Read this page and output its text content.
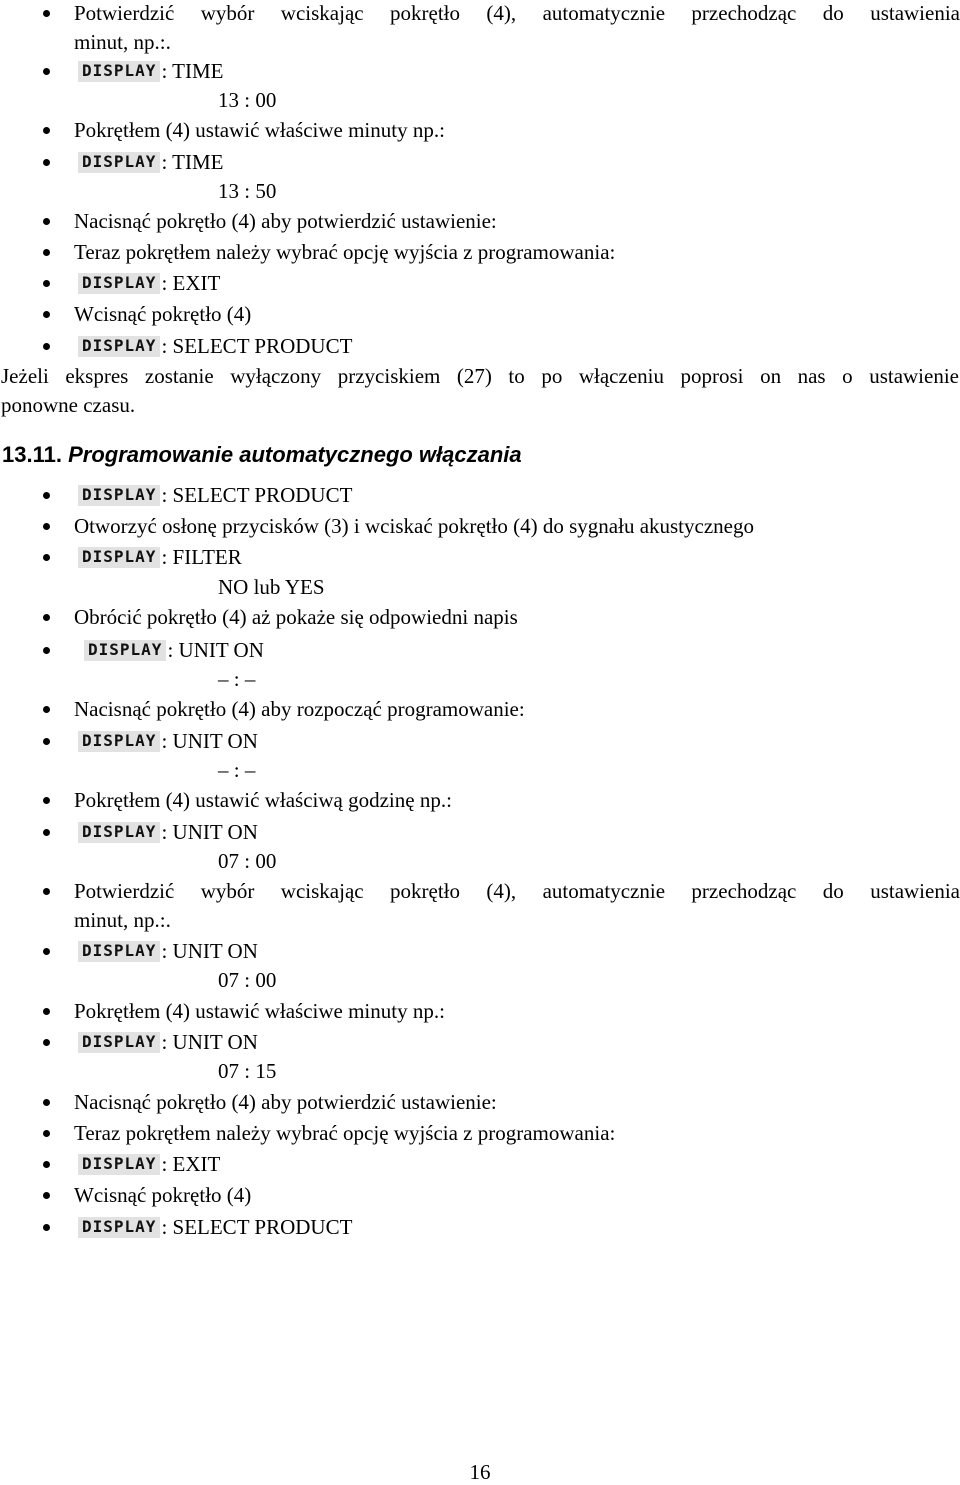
Potwierdzić wybór wciskając pokrętło (4), automatycznie przechodząc do ustawienia
minut, np.:.
DISPLAY : TIME
13 : 00
Pokrętłem (4) ustawić właściwe minuty np.:
DISPLAY : TIME
13 : 50
Nacisnąć pokrętło (4) aby potwierdzić ustawienie:
Teraz pokrętłem należy wybrać opcję wyjścia z programowania:
DISPLAY : EXIT
Wcisnąć pokrętło (4)
DISPLAY : SELECT PRODUCT
Jeżeli ekspres zostanie wyłączony przyciskiem (27) to po włączeniu poprosi on nas o ustawienie
ponowne czasu.
13.11. Programowanie automatycznego włączania
DISPLAY : SELECT PRODUCT
Otworzyć osłonę przycisków (3) i wciskać pokrętło (4) do sygnału akustycznego
DISPLAY : FILTER
NO lub YES
Obrócić pokrętło (4) aż pokaże się odpowiedni napis
DISPLAY : UNIT ON
– : –
Nacisnąć pokrętło (4) aby rozpocząć programowanie:
DISPLAY : UNIT ON
– : –
Pokrętłem (4) ustawić właściwą godzinę np.:
DISPLAY : UNIT ON
07 : 00
Potwierdzić wybór wciskając pokrętło (4), automatycznie przechodząc do ustawienia
minut, np.:.
DISPLAY : UNIT ON
07 : 00
Pokrętłem (4) ustawić właściwe minuty np.:
DISPLAY : UNIT ON
07 : 15
Nacisnąć pokrętło (4) aby potwierdzić ustawienie:
Teraz pokrętłem należy wybrać opcję wyjścia z programowania:
DISPLAY : EXIT
Wcisnąć pokrętło (4)
DISPLAY : SELECT PRODUCT
16
